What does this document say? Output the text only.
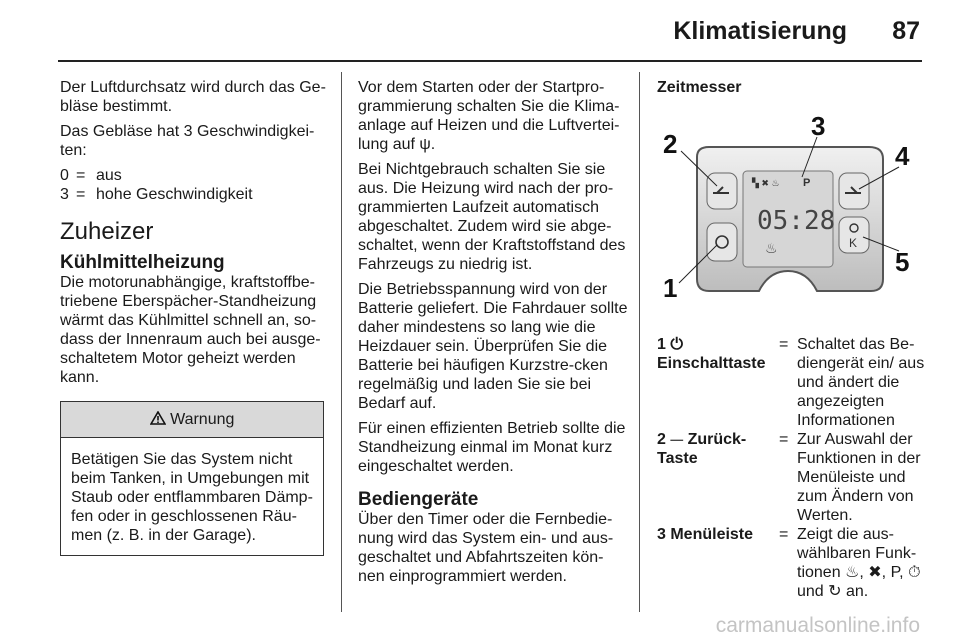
Klimatisierung 87

Der Luftdurchsatz wird durch das Ge-bläse bestimmt.

Das Gebläse hat 3 Geschwindigkei-ten:

0 = aus
3 = hohe Geschwindigkeit
Zuheizer
Kühlmittelheizung

Die motorunabhängige, kraftstoffbe-triebene Eberspächer-Standheizung wärmt das Kühlmittel schnell an, so-dass der Innenraum auch bei ausge-schaltetem Motor geheizt werden kann.

Warnung
Betätigen Sie das System nicht beim Tanken, in Umgebungen mit Staub oder entflammbaren Dämp-fen oder in geschlossenen Räu-men (z. B. in der Garage).

Vor dem Starten oder der Startpro-grammierung schalten Sie die Klima-anlage auf Heizen und die Luftvertei-lung auf ψ.

Bei Nichtgebrauch schalten Sie sie aus. Die Heizung wird nach der pro-grammierten Laufzeit automatisch abgeschaltet. Zudem wird sie abge-schaltet, wenn der Kraftstoffstand des Fahrzeugs zu niedrig ist.

Die Betriebsspannung wird von der Batterie geliefert. Die Fahrdauer sollte daher mindestens so lang wie die Heizdauer sein. Überprüfen Sie die Batterie bei häufigen Kurzstre-cken regelmäßig und laden Sie sie bei Bedarf auf.

Für einen effizienten Betrieb sollte die Standheizung einmal im Monat kurz eingeschaltet werden.

Bediengeräte

Über den Timer oder die Fernbedie-nung wird das System ein- und aus-geschaltet und Abfahrtszeiten kön-nen einprogrammiert werden.

Zeitmesser
▚ ✖ ♨ P
05:28
♨	K
2
1
3
4
5
1 ⏻
Einschalttaste
= Schaltet das Be-diengerät ein/ aus und ändert die angezeigten Informationen
2 ⏤ Zurück-Taste
= Zur Auswahl der Funktionen in der Menüleiste und zum Ändern von Werten.
3 Menüleiste	= Zeigt die aus-wählbaren Funk-tionen ♨, ✖, P, ⏱ und ↻ an.
carmanualsonline.info
